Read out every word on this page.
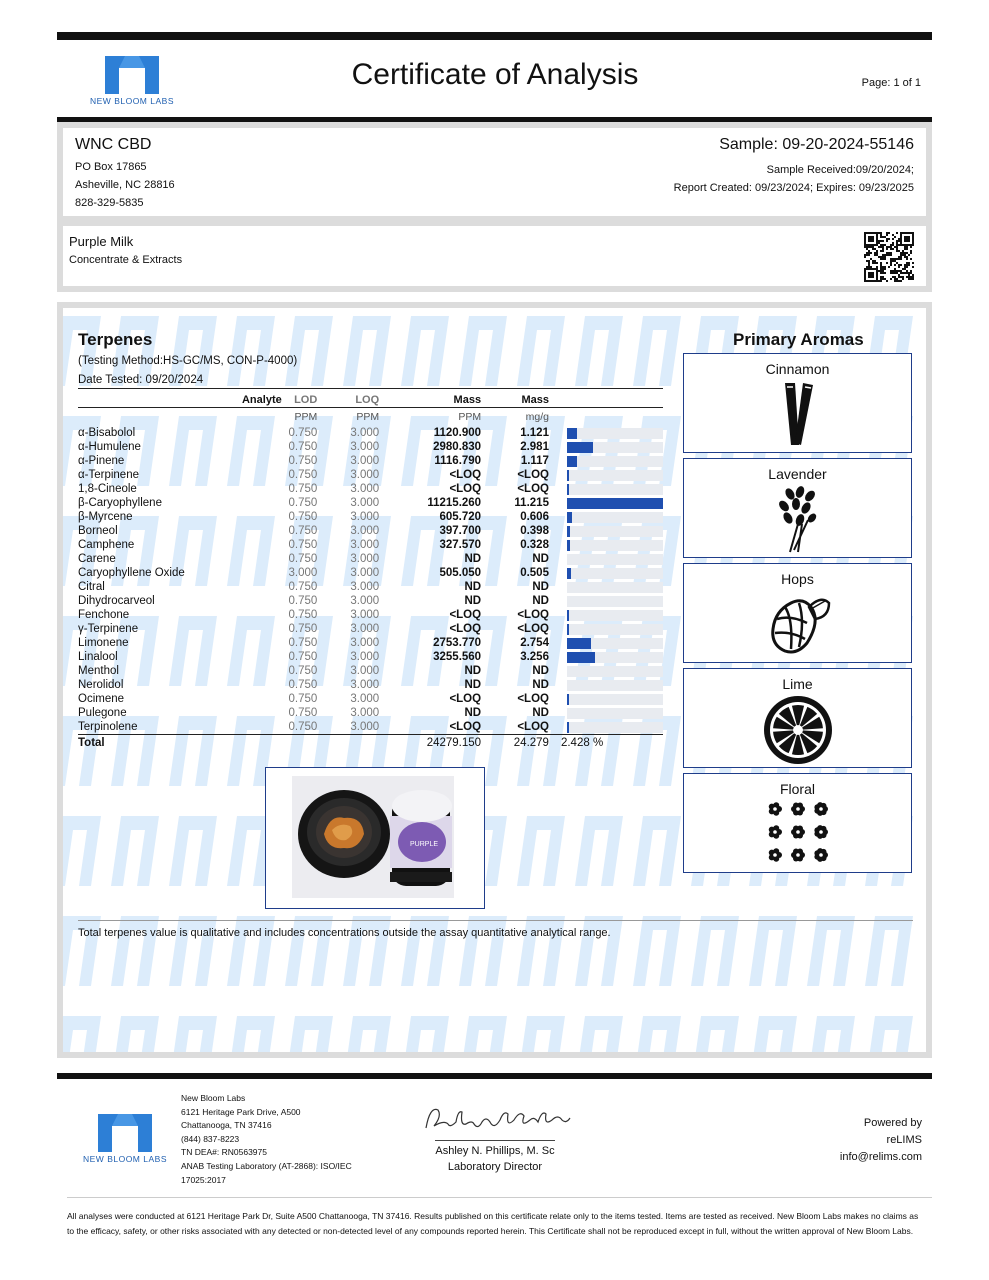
NEW BLOOM LABS
Certificate of Analysis	Page: 1 of 1
WNC CBD
PO Box 17865
Asheville, NC 28816
828-329-5835
Sample: 09-20-2024-55146
Sample Received:09/20/2024;
Report Created: 09/23/2024; Expires: 09/23/2025
Purple Milk
Concentrate & Extracts
Terpenes
(Testing Method:HS-GC/MS, CON-P-4000)
Date Tested: 09/20/2024
Analyte	LOD	LOQ	Mass	Mass	
	PPM	PPM	PPM	mg/g	
α-Bisabolol	0.750	3.000	1120.900	1.121	

α-Humulene	0.750	3.000	2980.830	2.981	

α-Pinene	0.750	3.000	1116.790	1.117	

α-Terpinene	0.750	3.000	<LOQ	<LOQ	

1,8-Cineole	0.750	3.000	<LOQ	<LOQ	

β-Caryophyllene	0.750	3.000	11215.260	11.215	

β-Myrcene	0.750	3.000	605.720	0.606	

Borneol	0.750	3.000	397.700	0.398	

Camphene	0.750	3.000	327.570	0.328	

Carene	0.750	3.000	ND	ND	

Caryophyllene Oxide	3.000	3.000	505.050	0.505	

Citral	0.750	3.000	ND	ND	

Dihydrocarveol	0.750	3.000	ND	ND	

Fenchone	0.750	3.000	<LOQ	<LOQ	

γ-Terpinene	0.750	3.000	<LOQ	<LOQ	

Limonene	0.750	3.000	2753.770	2.754	

Linalool	0.750	3.000	3255.560	3.256	

Menthol	0.750	3.000	ND	ND	

Nerolidol	0.750	3.000	ND	ND	

Ocimene	0.750	3.000	<LOQ	<LOQ	

Pulegone	0.750	3.000	ND	ND	

Terpinolene	0.750	3.000	<LOQ	<LOQ	

Total			24279.150	24.279	2.428 %
PURPLE
Primary Aromas
Cinnamon
Lavender
Hops
Lime
Floral
Total terpenes value is qualitative and includes concentrations outside the assay quantitative analytical range.
NEW BLOOM LABS
New Bloom Labs
6121 Heritage Park Drive, A500
Chattanooga, TN 37416
(844) 837-8223
TN DEA#: RN0563975
ANAB Testing Laboratory (AT-2868): ISO/IEC
17025:2017
Ashley N. Phillips, M. Sc
Laboratory Director
Powered by
reLIMS
info@relims.com
All analyses were conducted at 6121 Heritage Park Dr, Suite A500 Chattanooga, TN 37416. Results published on this certificate relate only to the items tested. Items are tested as received. New Bloom Labs makes no claims as to the efficacy, safety, or other risks associated with any detected or non-detected level of any compounds reported herein. This Certificate shall not be reproduced except in full, without the written approval of New Bloom Labs.
